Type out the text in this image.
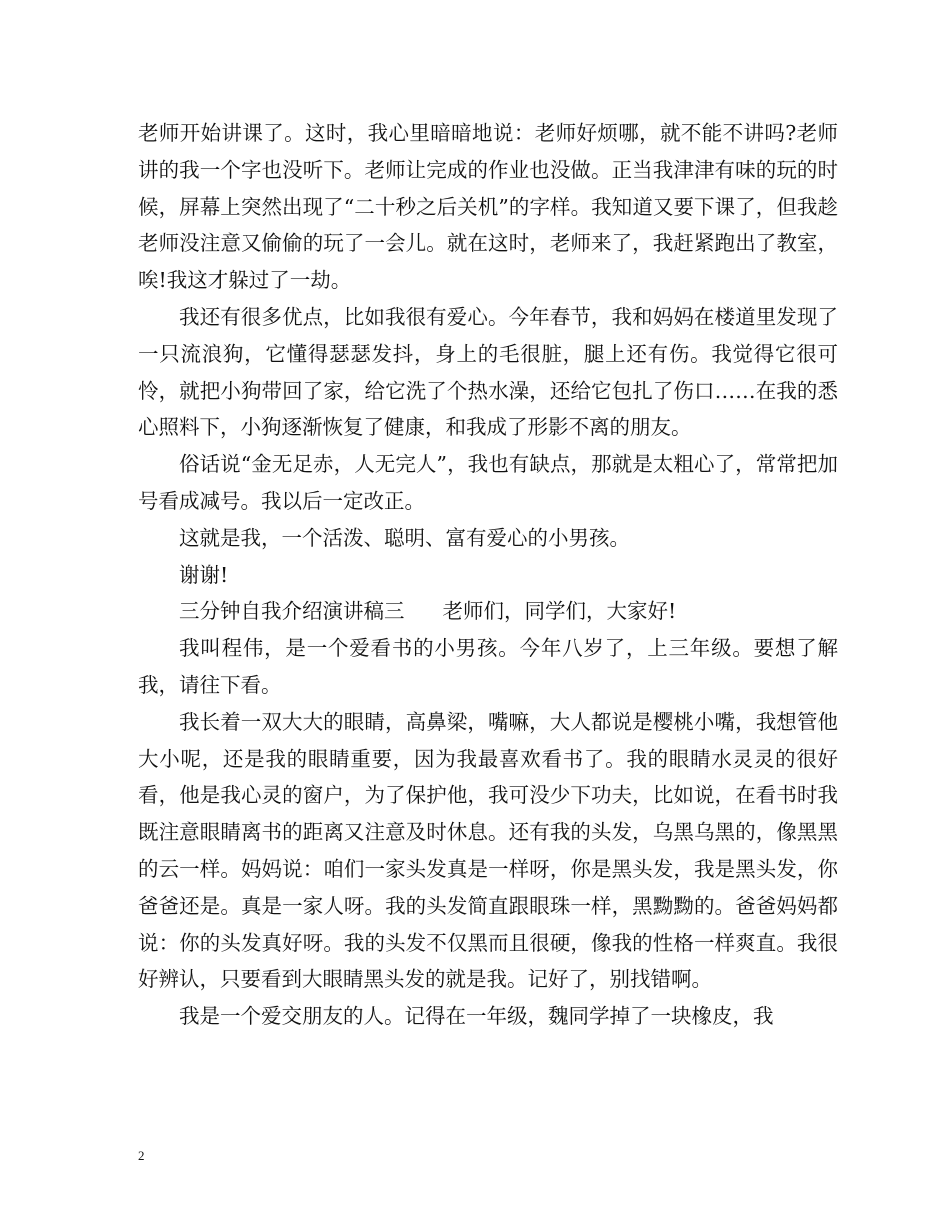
老师开始讲课了。这时，我心里暗暗地说：老师好烦哪，就不能不讲吗?老师讲的我一个字也没听下。老师让完成的作业也没做。正当我津津有味的玩的时候，屏幕上突然出现了“二十秒之后关机”的字样。我知道又要下课了，但我趁老师没注意又偷偷的玩了一会儿。就在这时，老师来了，我赶紧跑出了教室，唉!我这才躲过了一劫。

我还有很多优点，比如我很有爱心。今年春节，我和妈妈在楼道里发现了一只流浪狗，它懂得瑟瑟发抖，身上的毛很脏，腿上还有伤。我觉得它很可怜，就把小狗带回了家，给它洗了个热水澡，还给它包扎了伤口……在我的悉心照料下，小狗逐渐恢复了健康，和我成了形影不离的朋友。

俗话说“金无足赤，人无完人”，我也有缺点，那就是太粗心了，常常把加号看成减号。我以后一定改正。

这就是我，一个活泼、聪明、富有爱心的小男孩。

谢谢!

三分钟自我介绍演讲稿三 老师们，同学们，大家好!

我叫程伟，是一个爱看书的小男孩。今年八岁了，上三年级。要想了解我，请往下看。

我长着一双大大的眼睛，高鼻梁，嘴嘛，大人都说是樱桃小嘴，我想管他大小呢，还是我的眼睛重要，因为我最喜欢看书了。我的眼睛水灵灵的很好看，他是我心灵的窗户，为了保护他，我可没少下功夫，比如说，在看书时我既注意眼睛离书的距离又注意及时休息。还有我的头发，乌黑乌黑的，像黑黑的云一样。妈妈说：咱们一家头发真是一样呀，你是黑头发，我是黑头发，你爸爸还是。真是一家人呀。我的头发简直跟眼珠一样，黑黝黝的。爸爸妈妈都说：你的头发真好呀。我的头发不仅黑而且很硬，像我的性格一样爽直。我很好辨认，只要看到大眼睛黑头发的就是我。记好了，别找错啊。

我是一个爱交朋友的人。记得在一年级，魏同学掉了一块橡皮，我

2
